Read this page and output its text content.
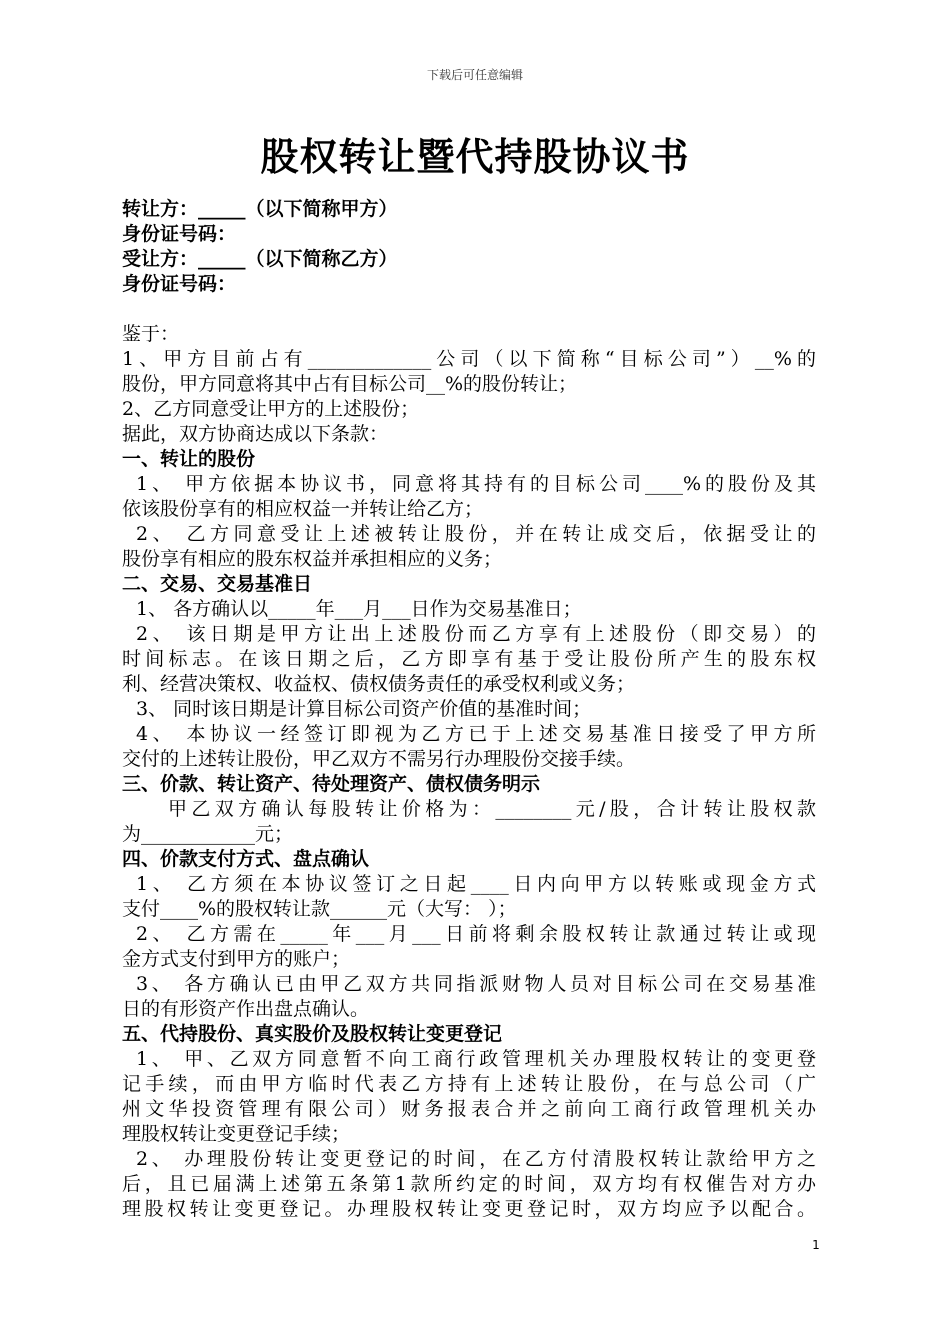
下载后可任意编辑
股权转让暨代持股协议书

转让方：_____（以下简称甲方）

身份证号码：

受让方：_____（以下简称乙方）

身份证号码：

鉴于：

1、甲方目前占有_____________公司（以下简称“目标公司”）__%的

股份，甲方同意将其中占有目标公司__%的股份转让；

2、乙方同意受让甲方的上述股份；

据此，双方协商达成以下条款：

一、转让的股份

1、 甲方依据本协议书，同意将其持有的目标公司____%的股份及其

依该股份享有的相应权益一并转让给乙方；

2、 乙方同意受让上述被转让股份，并在转让成交后，依据受让的

股份享有相应的股东权益并承担相应的义务；

二、交易、交易基准日

1、 各方确认以_____年___月___日作为交易基准日；

2、 该日期是甲方让出上述股份而乙方享有上述股份（即交易）的

时间标志。在该日期之后，乙方即享有基于受让股份所产生的股东权

利、经营决策权、收益权、债权债务责任的承受权利或义务；

3、 同时该日期是计算目标公司资产价值的基准时间；

4、 本协议一经签订即视为乙方已于上述交易基准日接受了甲方所

交付的上述转让股份，甲乙双方不需另行办理股份交接手续。

三、价款、转让资产、待处理资产、债权债务明示

甲乙双方确认每股转让价格为：________元/股，合计转让股权款

为____________元；

四、价款支付方式、盘点确认

1、 乙方须在本协议签订之日起____日内向甲方以转账或现金方式

支付____%的股权转让款______元（大写： ）；

2、 乙方需在_____年___月___日前将剩余股权转让款通过转让或现

金方式支付到甲方的账户；

3、 各方确认已由甲乙双方共同指派财物人员对目标公司在交易基准

日的有形资产作出盘点确认。

五、代持股份、真实股价及股权转让变更登记

1、 甲、乙双方同意暂不向工商行政管理机关办理股权转让的变更登

记手续，而由甲方临时代表乙方持有上述转让股份，在与总公司（广

州文华投资管理有限公司）财务报表合并之前向工商行政管理机关办

理股权转让变更登记手续；

2、 办理股份转让变更登记的时间，在乙方付清股权转让款给甲方之

后，且已届满上述第五条第1款所约定的时间，双方均有权催告对方办

理股权转让变更登记。办理股权转让变更登记时，双方均应予以配合。

1
